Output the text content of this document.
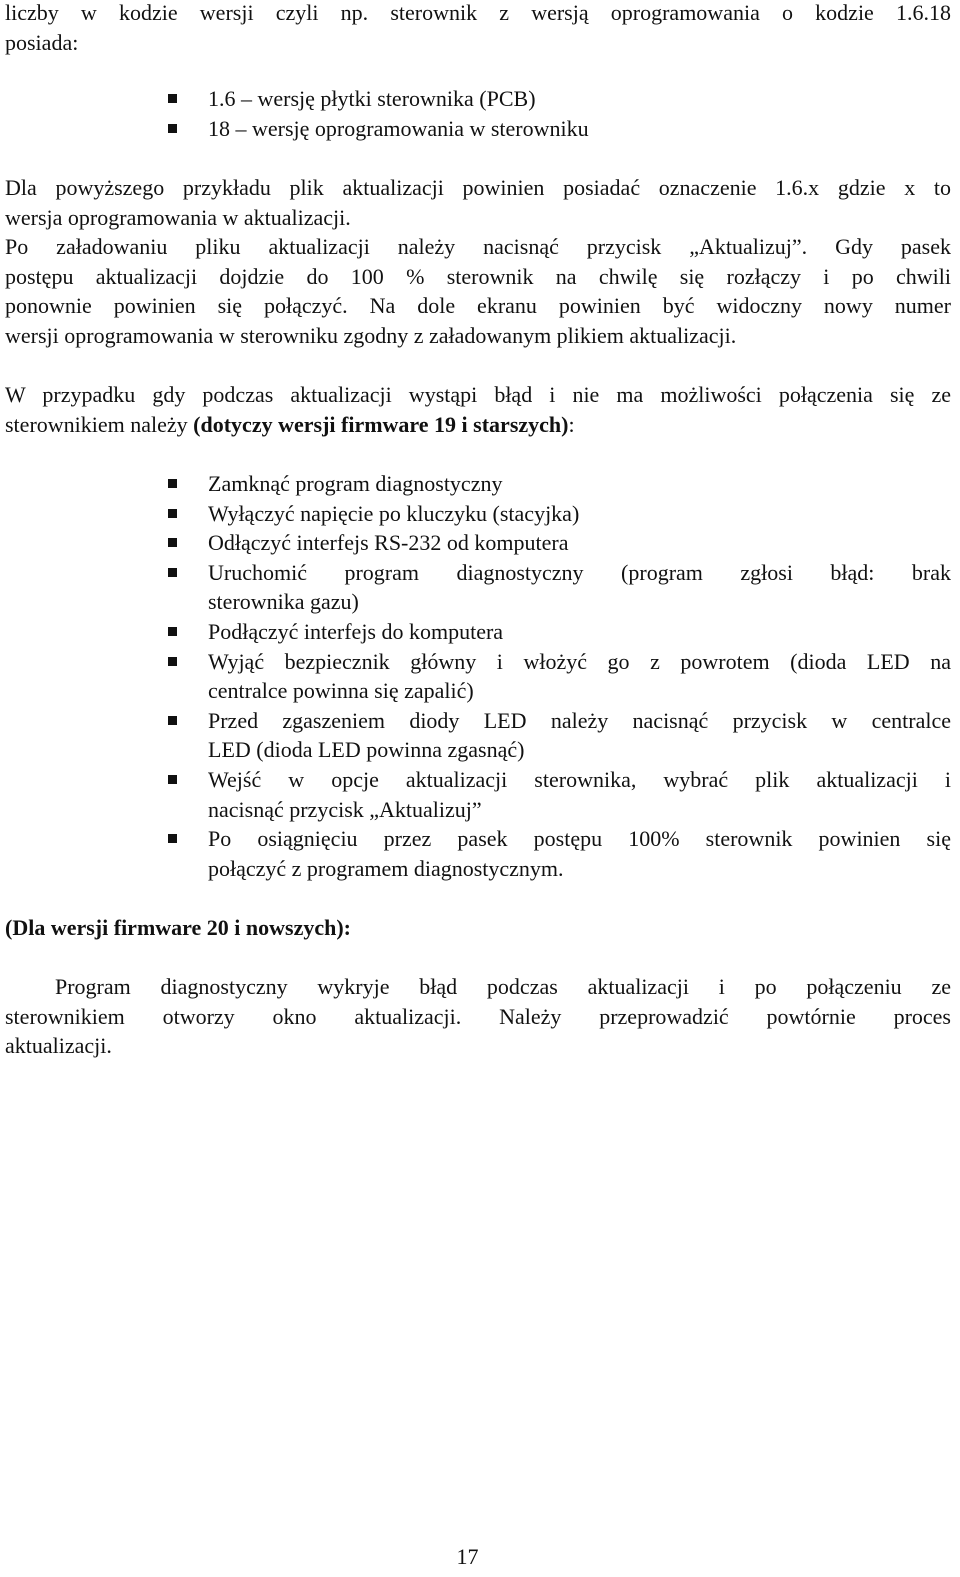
liczby w kodzie wersji czyli np. sterownik z wersją oprogramowania o kodzie 1.6.18
posiada:
1.6 – wersję płytki sterownika (PCB)
18 – wersję oprogramowania w sterowniku
Dla powyższego przykładu plik aktualizacji powinien posiadać oznaczenie 1.6.x gdzie x to
wersja oprogramowania w aktualizacji.
Po załadowaniu pliku aktualizacji należy nacisnąć przycisk „Aktualizuj”. Gdy pasek
postępu aktualizacji dojdzie do 100 % sterownik na chwilę się rozłączy i po chwili
ponownie powinien się połączyć. Na dole ekranu powinien być widoczny nowy numer
wersji oprogramowania w sterowniku zgodny z załadowanym plikiem aktualizacji.
W przypadku gdy podczas aktualizacji wystąpi błąd i nie ma możliwości połączenia się ze
sterownikiem należy (dotyczy wersji firmware 19 i starszych):
Zamknąć program diagnostyczny
Wyłączyć napięcie po kluczyku (stacyjka)
Odłączyć interfejs RS-232 od komputera
Uruchomić program diagnostyczny (program zgłosi błąd: brak
sterownika gazu)
Podłączyć interfejs do komputera
Wyjąć bezpiecznik główny i włożyć go z powrotem (dioda LED na
centralce powinna się zapalić)
Przed zgaszeniem diody LED należy nacisnąć przycisk w centralce
LED (dioda LED powinna zgasnąć)
Wejść w opcje aktualizacji sterownika, wybrać plik aktualizacji i
nacisnąć przycisk „Aktualizuj”
Po osiągnięciu przez pasek postępu 100% sterownik powinien się
połączyć z programem diagnostycznym.
(Dla wersji firmware 20 i nowszych):
Program diagnostyczny wykryje błąd podczas aktualizacji i po połączeniu ze
sterownikiem otworzy okno aktualizacji. Należy przeprowadzić powtórnie proces
aktualizacji.
17
